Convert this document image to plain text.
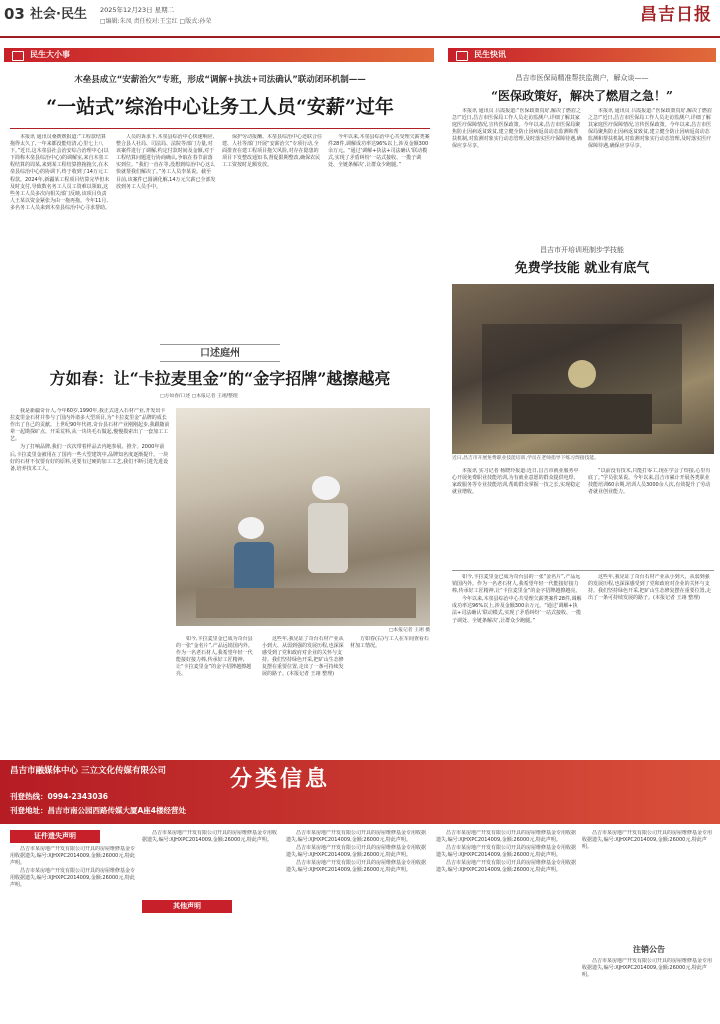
03 社会·民生 2025年12月23日 星期二
□编辑:朱凤 责任校对:王宝红 □版式:孙荣	昌吉日报
民生大小事	民生快讯
木垒县成立“安薪治欠”专班，形成“调解+执法+司法确认”联动闭环机制——
“一站式”综治中心让务工人员“安薪”过年

本报讯 通讯员桑媛媛报道:“工程款结算拖得太久了,一年来都没能结清,心里七上八下。”近日,这木垒县社会治安综合治理中心(以下简称木垒县综治中心)的调解室,来自木垒工程结算的周某,来到某工程结算推拖拖欠,在木垒县综治中心的协调下,终于收到了14万元工程款。2024年,新疆某工程项目结算完毕但未及时支付,导致数名务工人员工资难以领取,这些务工人员多次向相关部门反映,该项目负责人王某以资金紧张为由一拖再拖。今年11月,多名务工人员来到木垒县综治中心寻求帮助。

人员的诉求下,木垒县综治中心快速响应,整合县人社局、司法局、法院等部门力量,对该案件进行了调解,约定付款时间及金额,对于工程结算问题进行协商确认,争取在春节前落实到位。“我们一直在等,没想到综治中心这么快就帮我们解决了。”务工人员李某说。截至目前,该案件已圆满化解,14万元欠薪已全部发放到务工人员手中。

保护劳动报酬。木垒县综治中心还联合住建、人社等部门开展“安薪治欠”专项行动,全面排查在建工程项目拖欠风险,对存在隐患的项目下发整改通知书,督促限期整改,确保农民工工资按时足额发放。

今年以来,木垒县综治中心共受理欠薪类案件28件,调解成功率达96%以上,涉及金额300余万元。“通过‘调解+执法+司法确认’联动模式,实现了矛盾纠纷‘一站式接收、一揽子调处、全链条解决’,让群众少跑腿。”

口述庭州
方如春：让“卡拉麦里金”的“金字招牌”越擦越亮
□方如春/口述 □本报记者 王翊/整理

我是新疆奇台人,今年60岁,1990年,我正式进入石材产业,开发出卡拉麦里金石材并参与了国内外诸多大型项目,为“卡拉麦里金”品牌的成长作出了自己的贡献。上世纪90年代初,奇台县石材产业刚刚起步,我跟随前辈一起勘探矿点、开采荒料,从一块块毛石做起,慢慢摸索出了一套加工工艺。

为了打响品牌,我们一次次带着样品去内地参展、推介。2000年前后,卡拉麦里金被用在了国内一些大型建筑中,品牌知名度逐渐提升。一块好的石材不仅要有好的原料,更要有过硬的加工工艺,我们不断引进先进设备,培养技术工人。

□本报记者 王翊 摄

如今,卡拉麦里金已成为奇台县的一张“金名片”,产品远销国内外。作为一名老石材人,我希望年轻一代能接好接力棒,传承好工匠精神,让“卡拉麦里金”的金字招牌越擦越亮。

这些年,我见证了奇台石材产业从小到大、从弱到强的发展历程,也深深感受到了党和政府对企业的关怀与支持。我们坚持绿色开采,把矿山生态修复摆在重要位置,走出了一条可持续发展的路子。(本报记者 王翊 整理)

方如春(右)与工人在车间查看石材加工情况。

昌吉市医保局精准帮扶监测户，解众谈——
“医保政策好，解决了燃眉之急！”

本报讯 通讯员 吕霞报道:“医保政策真好,解决了燃眉之急!”近日,昌吉市医保局工作人员走访监测户,详细了解其家庭医疗保障情况,宣传医保政策。今年以来,昌吉市医保局聚焦防止因病返贫致贫,建立健全防止因病返贫动态监测和帮扶机制,对监测对象实行动态管理,及时落实医疗保障待遇,确保应享尽享。

本报讯 通讯员 吕霞报道:“医保政策真好,解决了燃眉之急!”近日,昌吉市医保局工作人员走访监测户,详细了解其家庭医疗保障情况,宣传医保政策。今年以来,昌吉市医保局聚焦防止因病返贫致贫,建立健全防止因病返贫动态监测和帮扶机制,对监测对象实行动态管理,及时落实医疗保障待遇,确保应享尽享。

昌吉市开培训班制步学技能
免费学技能 就业有底气
近日,昌吉市开展免费职业技能培训,学员在老师指导下练习焊接技能。

本报讯 实习记者 杨晓玲报道:近日,昌吉市就业服务中心开展免费职业技能培训,为有就业意愿的群众提供电焊、家政服务等专业技能培训,帮助群众掌握一技之长,实现稳定就业增收。

“以前没有技术,只能打零工,现在学会了焊接,心里有底了。”学员张某说。今年以来,昌吉市累计开展各类职业技能培训60余期,培训人员3000余人次,有效提升了劳动者就业创业能力。

如今,卡拉麦里金已成为奇台县的一张“金名片”,产品远销国内外。作为一名老石材人,我希望年轻一代能接好接力棒,传承好工匠精神,让“卡拉麦里金”的金字招牌越擦越亮。

今年以来,木垒县综治中心共受理欠薪类案件28件,调解成功率达96%以上,涉及金额300余万元。“通过‘调解+执法+司法确认’联动模式,实现了矛盾纠纷‘一站式接收、一揽子调处、全链条解决’,让群众少跑腿。”

这些年,我见证了奇台石材产业从小到大、从弱到强的发展历程,也深深感受到了党和政府对企业的关怀与支持。我们坚持绿色开采,把矿山生态修复摆在重要位置,走出了一条可持续发展的路子。(本报记者 王翊 整理)

昌吉市融媒体中心 三立文化传媒有限公司	分类信息
刊登热线：0994-2343036
刊登地址：昌吉市南公园西路传媒大厦A座4楼经营处
证件遗失声明

昌吉市某房地产开发有限公司开具的房屋维修基金专用收据遗失,编号:XJHXPC2014009,金额:26000元,特此声明。

昌吉市某房地产开发有限公司开具的房屋维修基金专用收据遗失,编号:XJHXPC2014009,金额:26000元,特此声明。

其他声明

昌吉市某房地产开发有限公司开具的房屋维修基金专用收据遗失,编号:XJHXPC2014009,金额:26000元,特此声明。

昌吉市某房地产开发有限公司开具的房屋维修基金专用收据遗失,编号:XJHXPC2014009,金额:26000元,特此声明。

昌吉市某房地产开发有限公司开具的房屋维修基金专用收据遗失,编号:XJHXPC2014009,金额:26000元,特此声明。

昌吉市某房地产开发有限公司开具的房屋维修基金专用收据遗失,编号:XJHXPC2014009,金额:26000元,特此声明。

昌吉市某房地产开发有限公司开具的房屋维修基金专用收据遗失,编号:XJHXPC2014009,金额:26000元,特此声明。

昌吉市某房地产开发有限公司开具的房屋维修基金专用收据遗失,编号:XJHXPC2014009,金额:26000元,特此声明。

昌吉市某房地产开发有限公司开具的房屋维修基金专用收据遗失,编号:XJHXPC2014009,金额:26000元,特此声明。

昌吉市某房地产开发有限公司开具的房屋维修基金专用收据遗失,编号:XJHXPC2014009,金额:26000元,特此声明。

注销公告

昌吉市某房地产开发有限公司开具的房屋维修基金专用收据遗失,编号:XJHXPC2014009,金额:26000元,特此声明。
